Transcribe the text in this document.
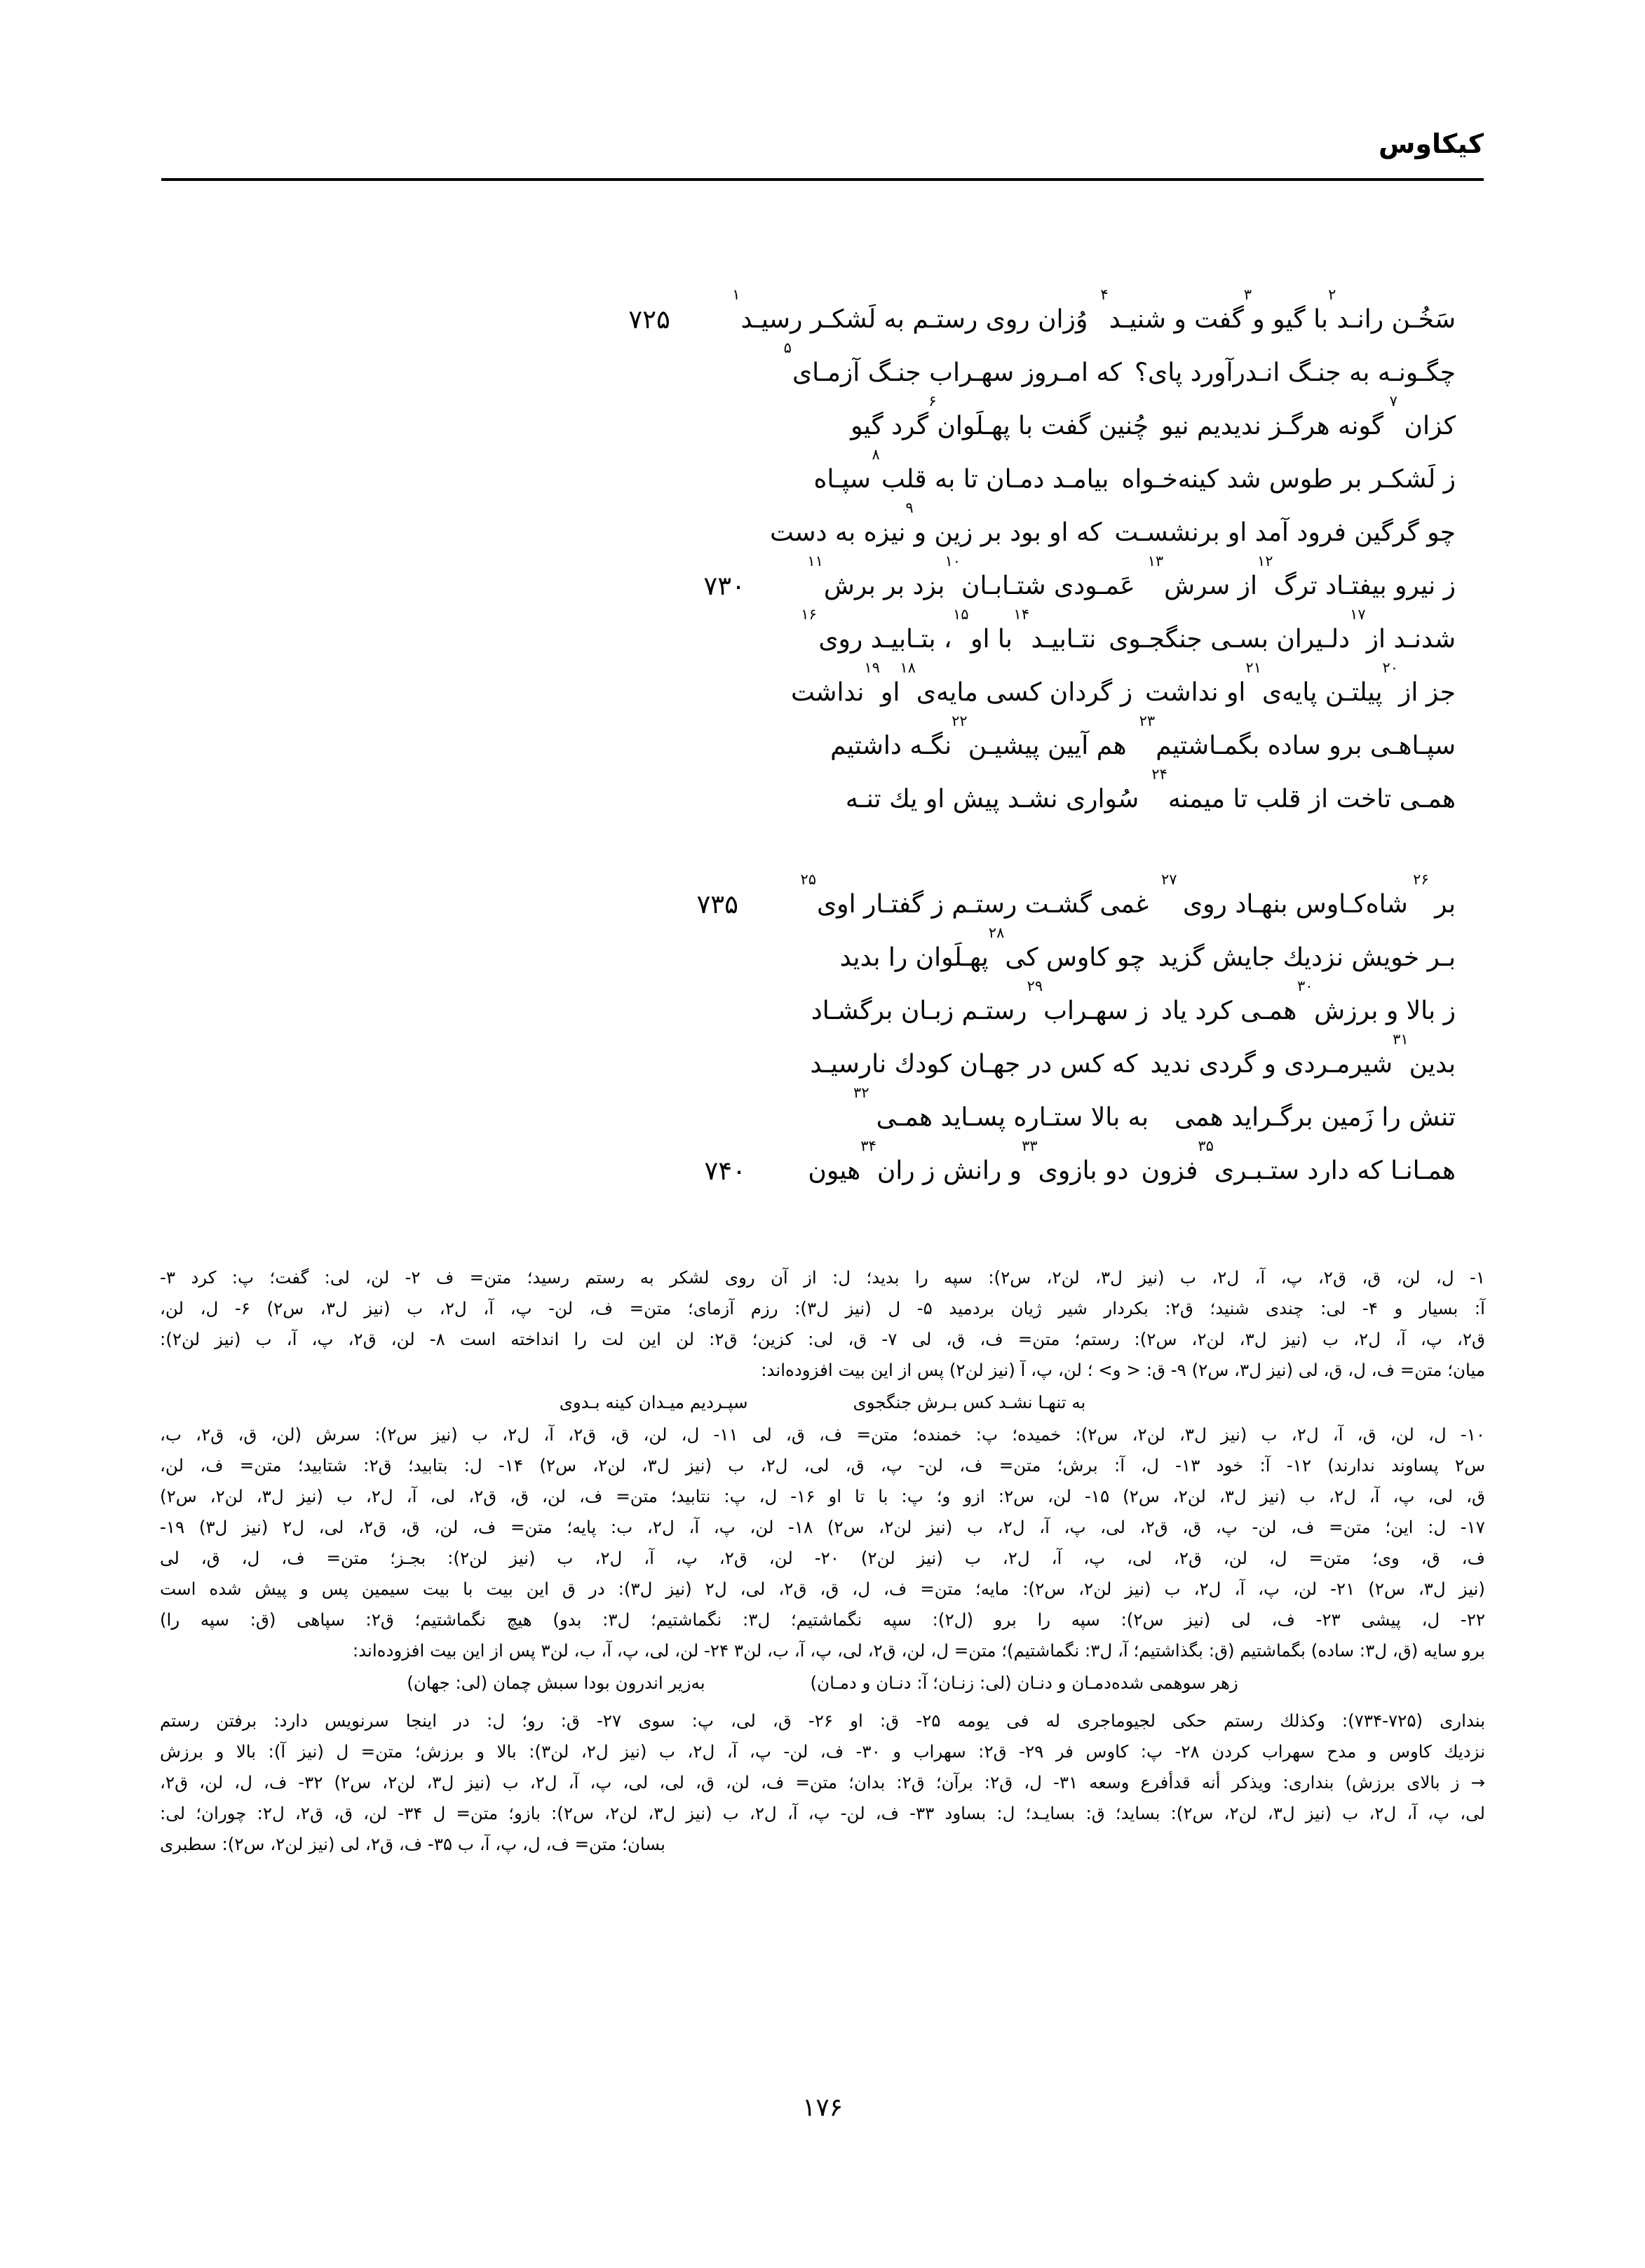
کیکاوس
سَخُـن رانـد
۲
با گیو و
۳
گفت و شنیـد
۴
وُزان روی رستـم به لَشکـر رسیـد
۱
۷۲۵
چگـونـه به جنـگ انـدرآورد پای؟
که امـروز سهـراب جنـگ آزمـای
۵
کزان
۷
گونه هرگـز ندیدیم نیو
چُنین گفت با پهـلَوان
۶
گرد گیو
ز لَشکـر بر طوس شد کینه‌خـواه
بیامـد دمـان تا به قلب
۸
سپـاه
چو گرگین فرود آمد او برنشسـت
که او بود بر زین و
۹
نیزه به دست
ز نیرو بیفتـاد ترگ
۱۲
از سرش
۱۳
عَمـودی شتـابـان
۱۰
بزد بر برش
۱۱
۷۳۰
شدنـد از
۱۷
دلـیران بسـی جنگجـوی
نتـابیـد
۱۴
با او
۱۵
، بتـابیـد روی
۱۶
جز از
۲۰
پیلتـن پایه‌ی
۲۱
او نداشت
ز گردان کسی مایه‌ی
۱۸
او
۱۹
نداشت
سپـاهـی برو ساده بگمـاشتیم
۲۳
هم آیین پیشیـن
۲۲
نگـه داشتیم
همـی تاخت از قلب تا میمنه
۲۴
سُواری نشـد پیش او یك تنـه
بر
۲۶
شاه‌کـاوس بنهـاد روی
۲۷
غمی گشـت رستـم ز گفتـار اوی
۲۵
۷۳۵
بـر خویش نزدیك جایش گزید
چو کاوس کی
۲۸
پهـلَوان را بدید
ز بالا و برزش
۳۰
همـی کرد یاد
ز سهـراب
۲۹
رستـم زبـان برگشـاد
بدین
۳۱
شیرمـردی و گردی ندید
که کس در جهـان کودك نارسیـد
تنش را زَمین برگـراید همی
به بالا ستـاره پسـاید همـی
۳۲
همـانـا که دارد ستـبـری
۳۵
فزون
دو بازوی
۳۳
و رانش ز ران
۳۴
هیون
۷۴۰
۱- ل، لن، ق، ق۲، پ، آ، ل۲، ب (نیز ل۳، لن۲، س۲): سپه را بدید؛ ل: از آن روی لشکر به رستم رسید؛ متن= ف ۲- لن، لی: گفت؛ پ: کرد ۳-
آ: بسیار و ۴- لی: چندی شنید؛ ق۲: بکردار شیر ژیان بردمید ۵- ل (نیز ل۳): رزم آزمای؛ متن= ف، لن- پ، آ، ل۲، ب (نیز ل۳، س۲) ۶- ل، لن،
ق۲، پ، آ، ل۲، ب (نیز ل۳، لن۲، س۲): رستم؛ متن= ف، ق، لی ۷- ق، لی: کزین؛ ق۲: لن این لت را انداخته است ۸- لن، ق۲، پ، آ، ب (نیز لن۲):
میان؛ متن= ف، ل، ق، لی (نیز ل۳، س۲) ۹- ق: < و> ؛ لن، پ، آ (نیز لن۲) پس از این بیت افزوده‌اند:
به تنهـا نشـد کس بـرش جنگجوی
سپـردیم میـدان کینه بـدوی
۱۰- ل، لن، ق، آ، ل۲، ب (نیز ل۳، لن۲، س۲): خمیده؛ پ: خمنده؛ متن= ف، ق، لی ۱۱- ل، لن، ق، ق۲، آ، ل۲، ب (نیز س۲): سرش (لن، ق، ق۲، ب،
س۲ پساوند ندارند) ۱۲- آ: خود ۱۳- ل، آ: برش؛ متن= ف، لن- پ، ق، لی، ل۲، ب (نیز ل۳، لن۲، س۲) ۱۴- ل: بتابید؛ ق۲: شتابید؛ متن= ف، لن،
ق، لی، پ، آ، ل۲، ب (نیز ل۳، لن۲، س۲) ۱۵- لن، س۲: ازو و؛ پ: با تا او ۱۶- ل، پ: نتابید؛ متن= ف، لن، ق، ق۲، لی، آ، ل۲، ب (نیز ل۳، لن۲، س۲)
۱۷- ل: این؛ متن= ف، لن- پ، ق، ق۲، لی، پ، آ، ل۲، ب (نیز لن۲، س۲) ۱۸- لن، پ، آ، ل۲، ب: پایه؛ متن= ف، لن، ق، ق۲، لی، ل۲ (نیز ل۳) ۱۹-
ف، ق، وی؛ متن= ل، لن، ق۲، لی، پ، آ، ل۲، ب (نیز لن۲) ۲۰- لن، ق۲، پ، آ، ل۲، ب (نیز لن۲): بجـز؛ متن= ف، ل، ق، لی
(نیز ل۳، س۲) ۲۱- لن، پ، آ، ل۲، ب (نیز لن۲، س۲): مایه؛ متن= ف، ل، ق، ق۲، لی، ل۲ (نیز ل۳): در ق این بیت با بیت سیمین پس و پیش شده است
۲۲- ل، پیشی ۲۳- ف، لی (نیز س۲): سپه را برو (ل۲): سپه نگماشتیم؛ ل۳: نگماشتیم؛ ل۳: بدو) هیچ نگماشتیم؛ ق۲: سپاهی (ق: سپه را)
برو سایه (ق، ل۳: ساده) بگماشتیم (ق: بگذاشتیم؛ آ، ل۳: نگماشتیم)؛ متن= ل، لن، ق۲، لی، پ، آ، ب، لن۳ ۲۴- لن، لی، پ، آ، ب، لن۳ پس از این بیت افزوده‌اند:
زهر سوهمی شده‌دمـان و دنـان (لی: زنـان؛ آ: دنـان و دمـان)
به‌زیر اندرون بودا سبش چمان (لی: جهان)
بنداری (۷۲۵-۷۳۴): وکذلك رستم حکی لجیوماجری له فی یومه ۲۵- ق: او ۲۶- ق، لی، پ: سوی ۲۷- ق: رو؛ ل: در اینجا سرنویس دارد: برفتن رستم
نزدیك کاوس و مدح سهراب کردن ۲۸- پ: کاوس فر ۲۹- ق۲: سهراب و ۳۰- ف، لن- پ، آ، ل۲، ب (نیز ل۲، لن۳): بالا و برزش؛ متن= ل (نیز آ): بالا و برزش
→ ز بالای برزش) بنداری: ویذکر أنه قدأفرع وسعه ۳۱- ل، ق۲: برآن؛ ق۲: بدان؛ متن= ف، لن، ق، لی، لی، پ، آ، ل۲، ب (نیز ل۳، لن۲، س۲) ۳۲- ف، ل، لن، ق۲،
لی، پ، آ، ل۲، ب (نیز ل۳، لن۲، س۲): بساید؛ ق: بسایـد؛ ل: بساود ۳۳- ف، لن- پ، آ، ل۲، ب (نیز ل۳، لن۲، س۲): بازو؛ متن= ل ۳۴- لن، ق، ق۲، ل۲: چوران؛ لی:
بسان؛ متن= ف، ل، پ، آ، ب ۳۵- ف، ق۲، لی (نیز لن۲، س۲): سطبری
۱۷۶
